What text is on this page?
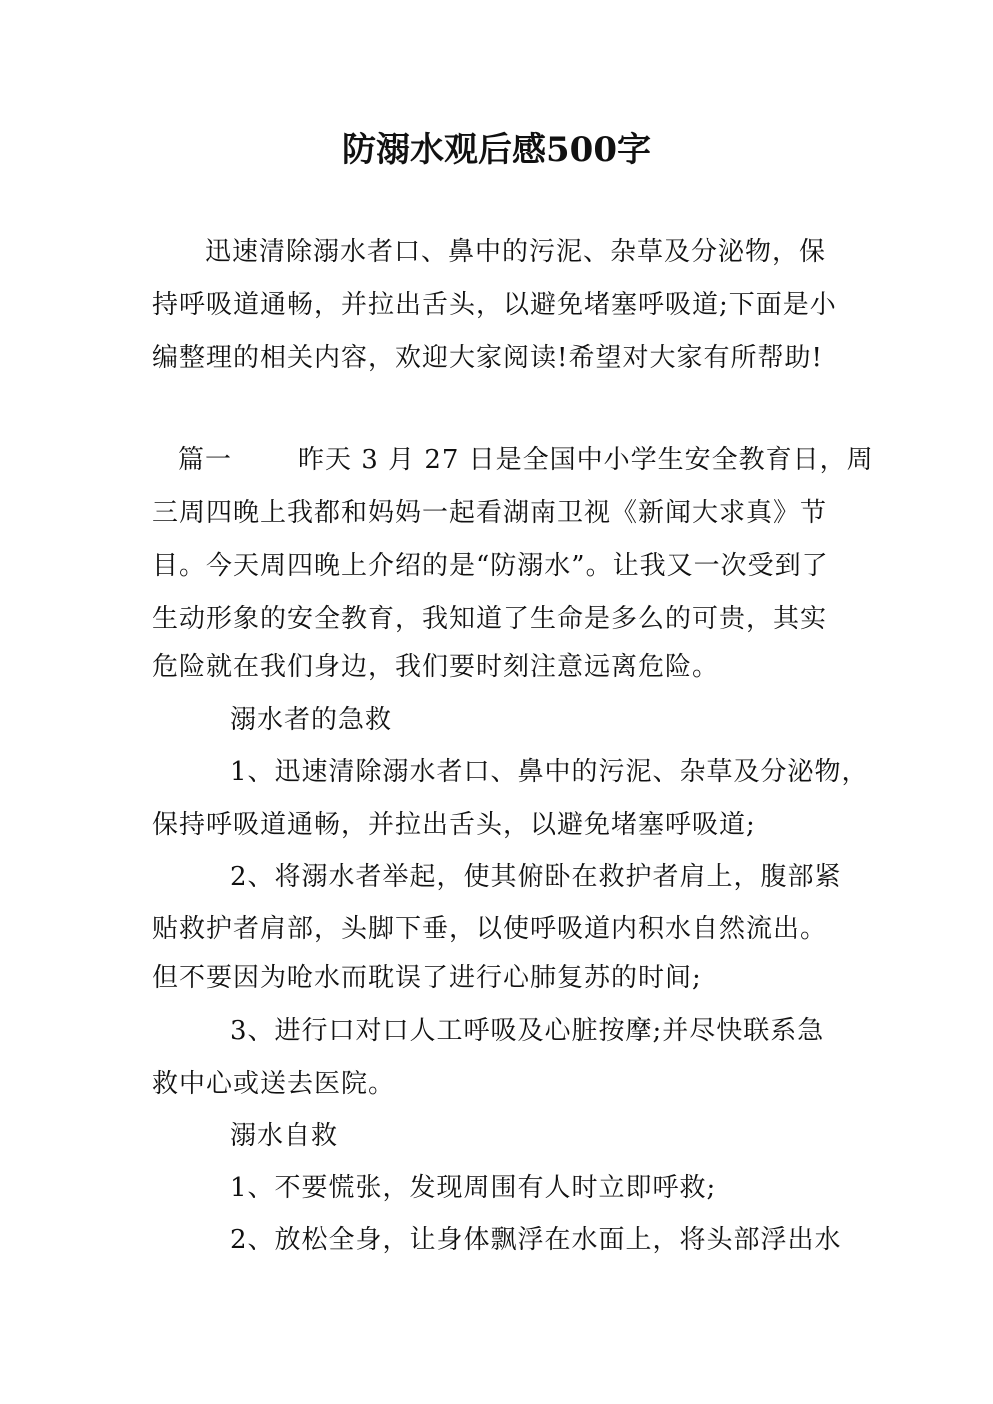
防溺水观后感500字
迅速清除溺水者口、鼻中的污泥、杂草及分泌物，保
持呼吸道通畅，并拉出舌头，以避免堵塞呼吸道;下面是小
编整理的相关内容，欢迎大家阅读!希望对大家有所帮助!
篇一	昨天 3 月 27 日是全国中小学生安全教育日，周
三周四晚上我都和妈妈一起看湖南卫视《新闻大求真》节
目。今天周四晚上介绍的是“防溺水”。让我又一次受到了
生动形象的安全教育，我知道了生命是多么的可贵，其实
危险就在我们身边，我们要时刻注意远离危险。
溺水者的急救
1、迅速清除溺水者口、鼻中的污泥、杂草及分泌物，
保持呼吸道通畅，并拉出舌头，以避免堵塞呼吸道;
2、将溺水者举起，使其俯卧在救护者肩上，腹部紧
贴救护者肩部，头脚下垂，以使呼吸道内积水自然流出。
但不要因为呛水而耽误了进行心肺复苏的时间;
3、进行口对口人工呼吸及心脏按摩;并尽快联系急
救中心或送去医院。
溺水自救
1、不要慌张，发现周围有人时立即呼救;
2、放松全身，让身体飘浮在水面上，将头部浮出水
